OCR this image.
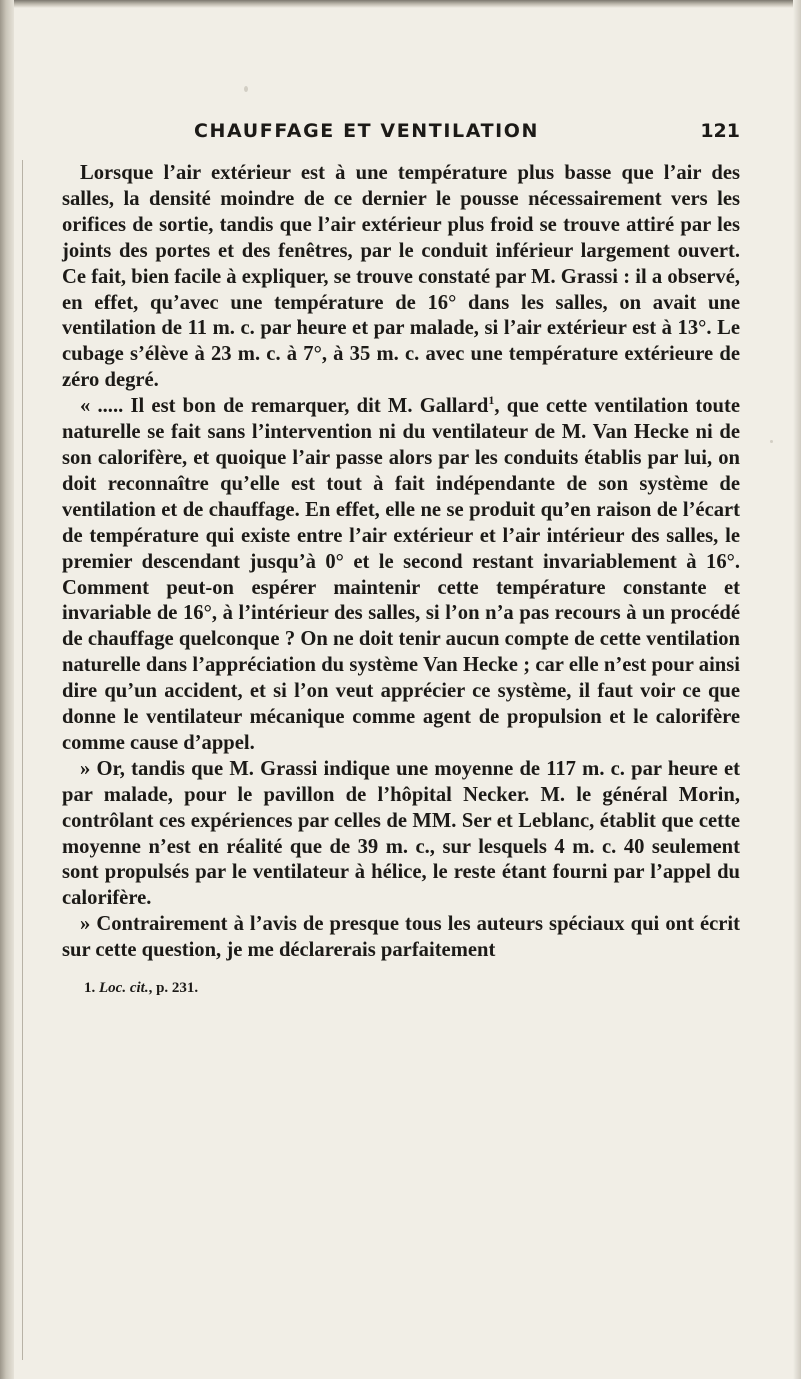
CHAUFFAGE ET VENTILATION	121

Lorsque l’air extérieur est à une température plus basse que l’air des salles, la densité moindre de ce dernier le pousse nécessairement vers les orifices de sortie, tandis que l’air extérieur plus froid se trouve attiré par les joints des portes et des fenêtres, par le conduit inférieur largement ouvert. Ce fait, bien facile à expliquer, se trouve constaté par M. Grassi : il a observé, en effet, qu’avec une température de 16° dans les salles, on avait une ventilation de 11 m. c. par heure et par malade, si l’air extérieur est à 13°. Le cubage s’élève à 23 m. c. à 7°, à 35 m. c. avec une température extérieure de zéro degré.

« ..... Il est bon de remarquer, dit M. Gallard$^1$, que cette ventilation toute naturelle se fait sans l’intervention ni du ventilateur de M. Van Hecke ni de son calorifère, et quoique l’air passe alors par les conduits établis par lui, on doit reconnaître qu’elle est tout à fait indépendante de son système de ventilation et de chauffage. En effet, elle ne se produit qu’en raison de l’écart de température qui existe entre l’air extérieur et l’air intérieur des salles, le premier descendant jusqu’à 0° et le second restant invariablement à 16°. Comment peut-on espérer maintenir cette température constante et invariable de 16°, à l’intérieur des salles, si l’on n’a pas recours à un procédé de chauffage quelconque ? On ne doit tenir aucun compte de cette ventilation naturelle dans l’appréciation du système Van Hecke ; car elle n’est pour ainsi dire qu’un accident, et si l’on veut apprécier ce système, il faut voir ce que donne le ventilateur mécanique comme agent de propulsion et le calorifère comme cause d’appel.

» Or, tandis que M. Grassi indique une moyenne de 117 m. c. par heure et par malade, pour le pavillon de l’hôpital Necker. M. le général Morin, contrôlant ces expériences par celles de MM. Ser et Leblanc, établit que cette moyenne n’est en réalité que de 39 m. c., sur lesquels 4 m. c. 40 seulement sont propulsés par le ventilateur à hélice, le reste étant fourni par l’appel du calorifère.

» Contrairement à l’avis de presque tous les auteurs spéciaux qui ont écrit sur cette question, je me déclarerais parfaitement

1. Loc. cit., p. 231.
